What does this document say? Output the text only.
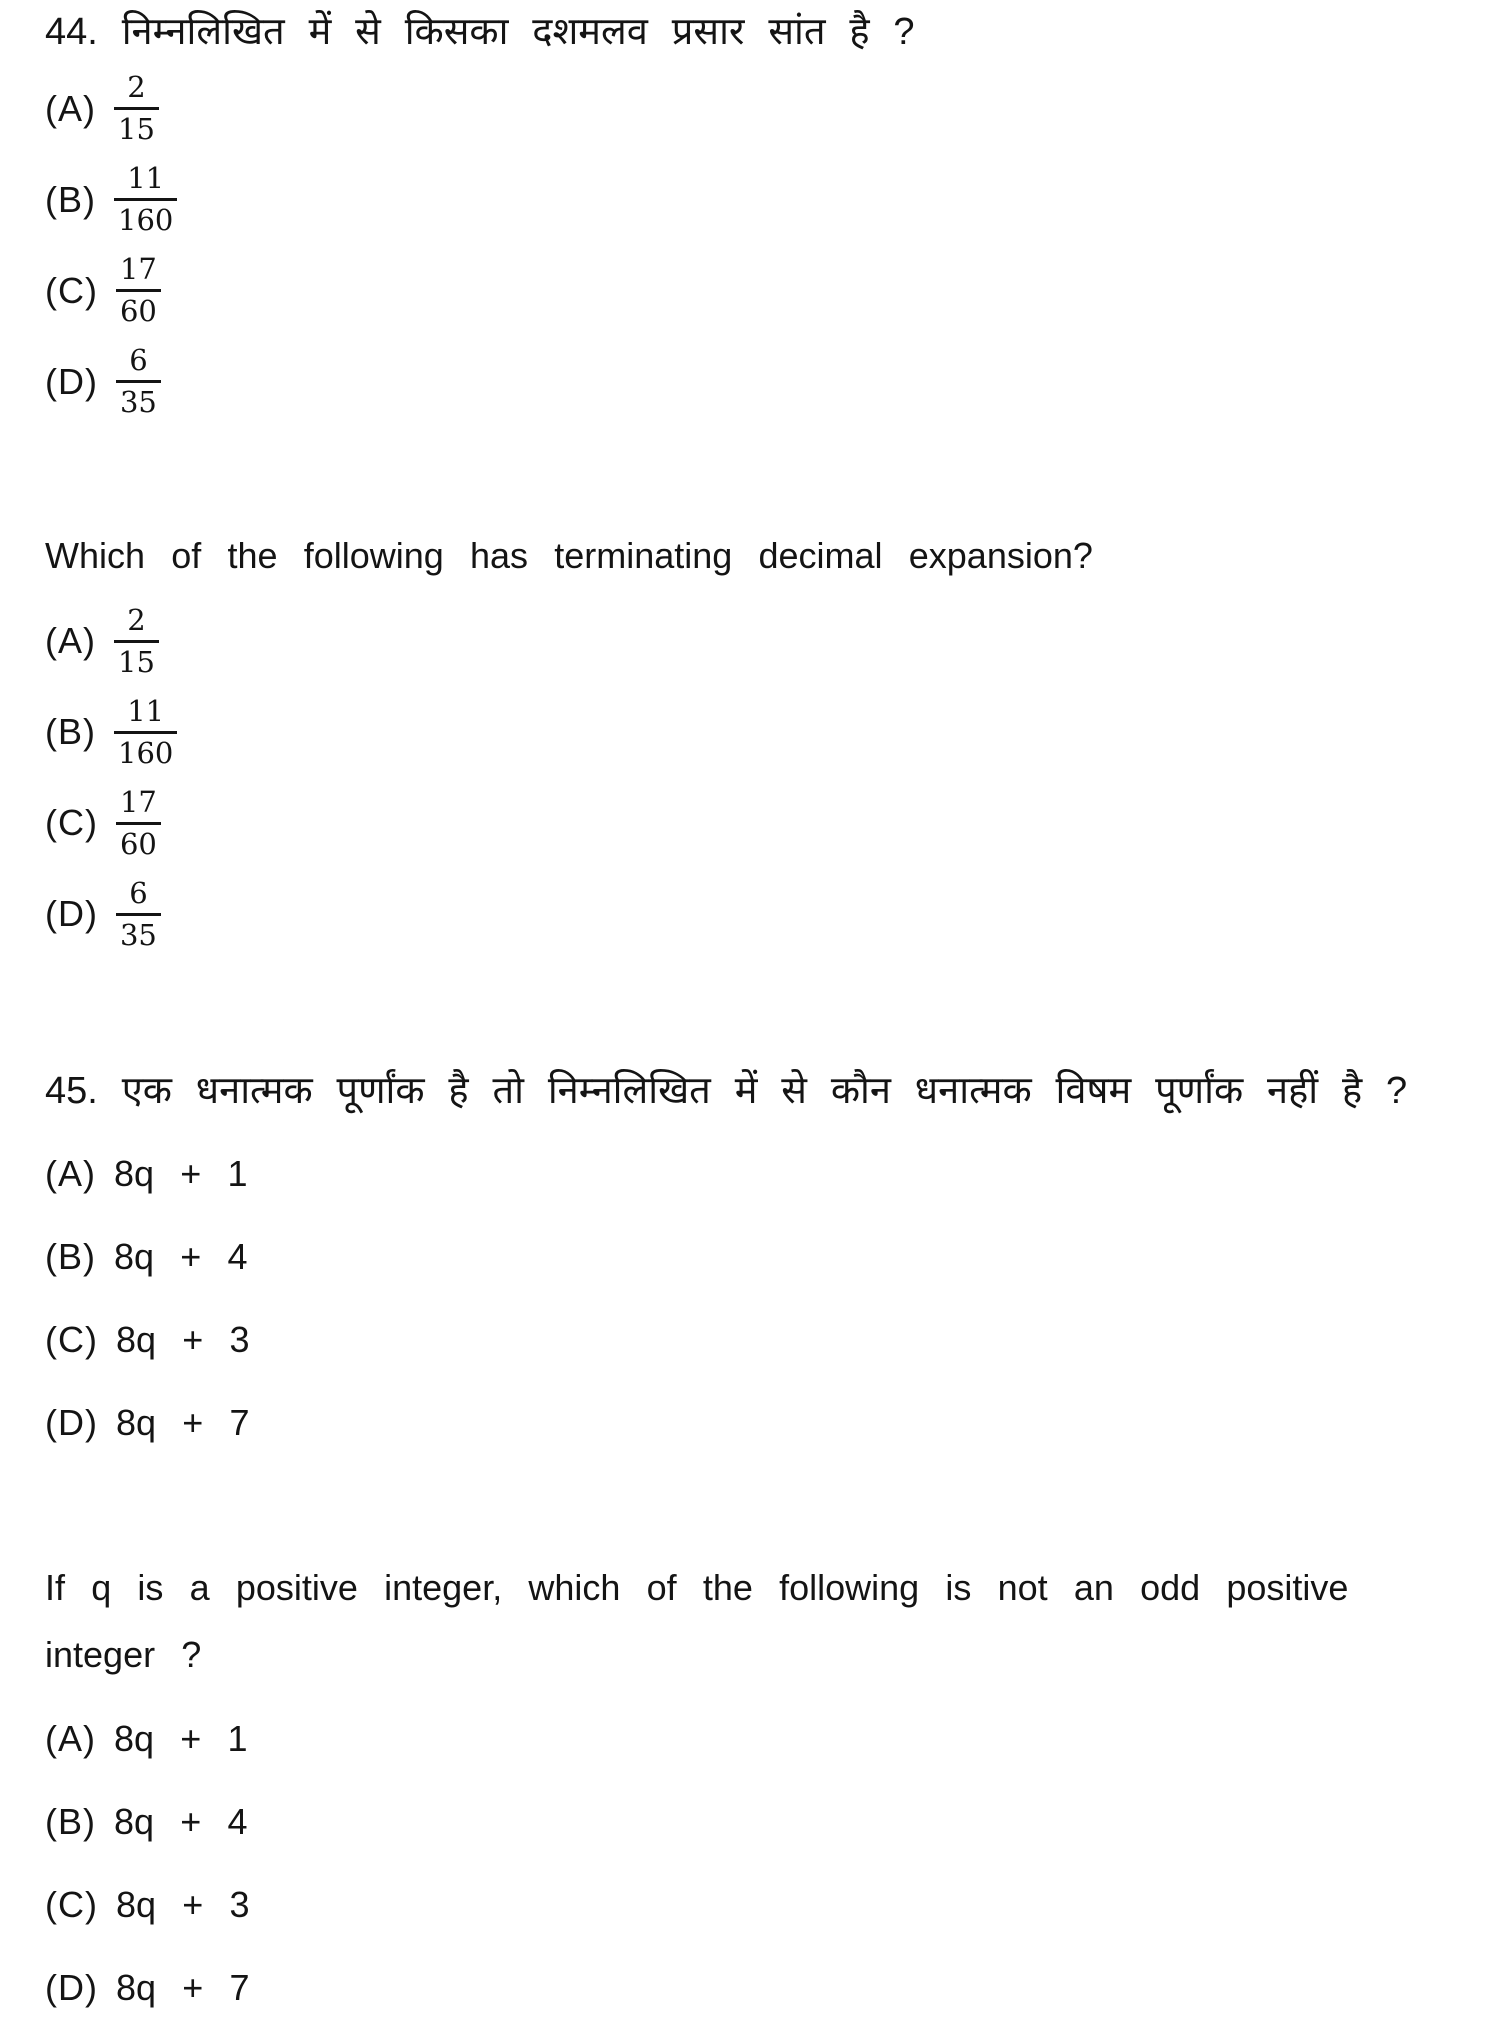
44. निम्नलिखित में से किसका दशमलव प्रसार सांत है ?

$(A) \frac{2}{15}$
$(B) \frac{11}{160}$
$(C) \frac{17}{60}$
$(D) \frac{6}{35}$

Which of the following has terminating decimal expansion?

$(A) \frac{2}{15}$
$(B) \frac{11}{160}$
$(C) \frac{17}{60}$
$(D) \frac{6}{35}$

45. एक धनात्मक पूर्णांक है तो निम्नलिखित में से कौन धनात्मक विषम पूर्णांक नहीं है ?

(A) 8q + 1
(B) 8q + 4
(C) 8q + 3
(D) 8q + 7

If q is a positive integer, which of the following is not an odd positive integer ?

(A) 8q + 1
(B) 8q + 4
(C) 8q + 3
(D) 8q + 7
